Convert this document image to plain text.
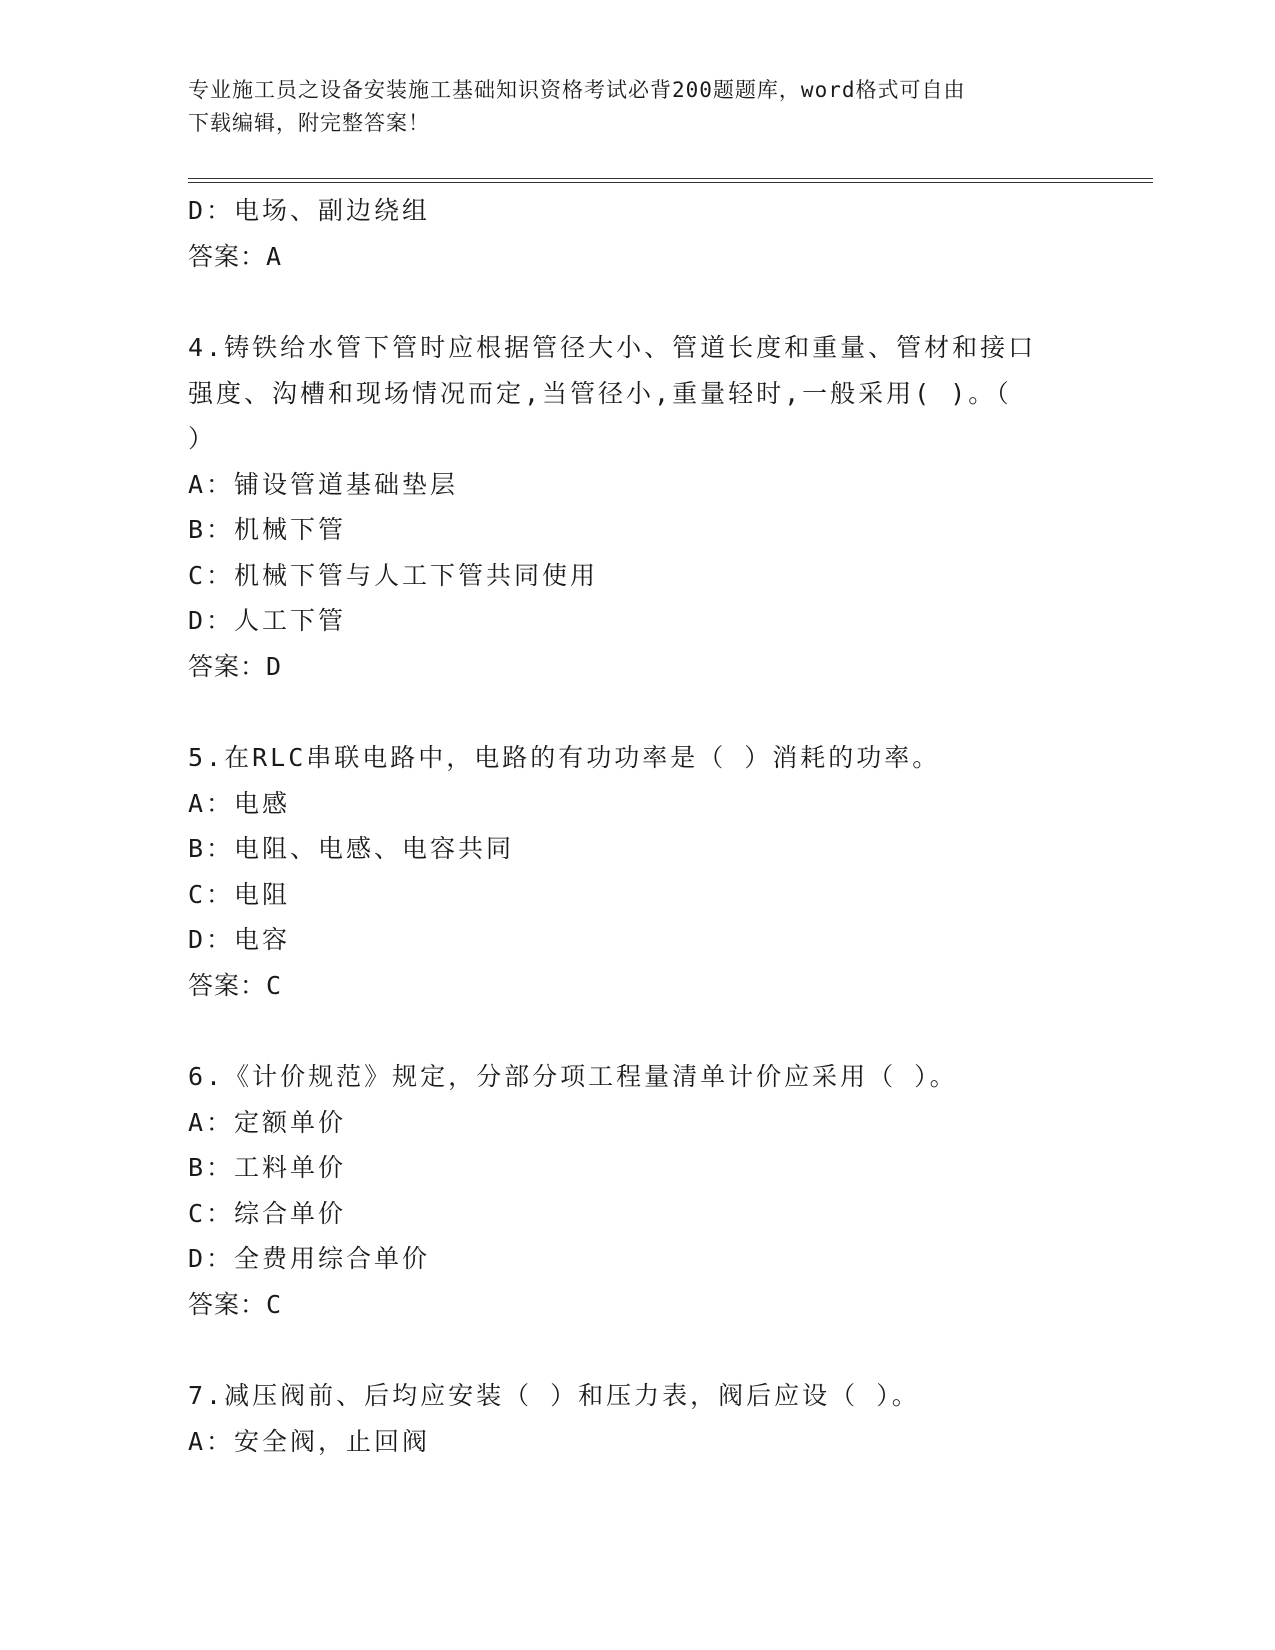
专业施工员之设备安装施工基础知识资格考试必背200题题库，word格式可自由
下载编辑，附完整答案！
D：电场、副边绕组
答案：A
4.铸铁给水管下管时应根据管径大小、管道长度和重量、管材和接口
强度、沟槽和现场情况而定,当管径小,重量轻时,一般采用( )。（
）
A：铺设管道基础垫层
B：机械下管
C：机械下管与人工下管共同使用
D：人工下管
答案：D
5.在RLC串联电路中，电路的有功功率是（ ）消耗的功率。
A：电感
B：电阻、电感、电容共同
C：电阻
D：电容
答案：C
6.《计价规范》规定，分部分项工程量清单计价应采用（ ）。
A：定额单价
B：工料单价
C：综合单价
D：全费用综合单价
答案：C
7.减压阀前、后均应安装（ ）和压力表，阀后应设（ ）。
A：安全阀，止回阀
